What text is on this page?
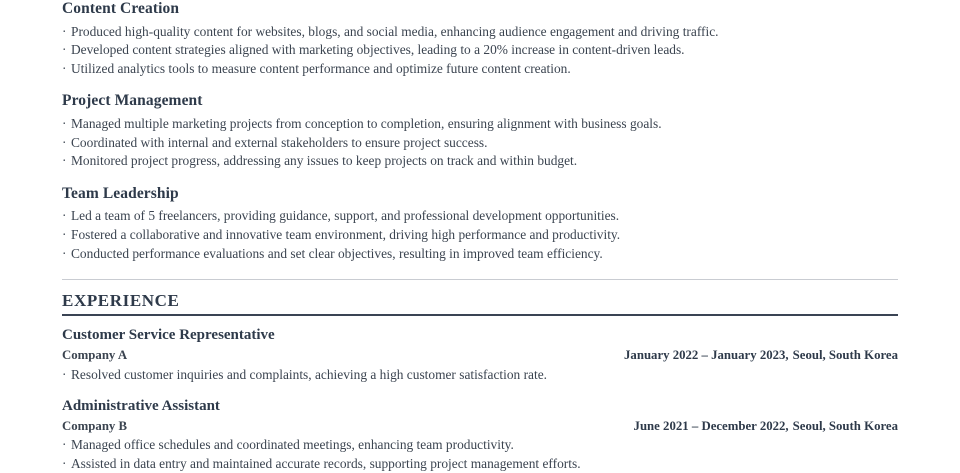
Content Creation

· Produced high-quality content for websites, blogs, and social media, enhancing audience engagement and driving traffic.

· Developed content strategies aligned with marketing objectives, leading to a 20% increase in content-driven leads.

· Utilized analytics tools to measure content performance and optimize future content creation.

Project Management

· Managed multiple marketing projects from conception to completion, ensuring alignment with business goals.

· Coordinated with internal and external stakeholders to ensure project success.

· Monitored project progress, addressing any issues to keep projects on track and within budget.

Team Leadership

· Led a team of 5 freelancers, providing guidance, support, and professional development opportunities.

· Fostered a collaborative and innovative team environment, driving high performance and productivity.

· Conducted performance evaluations and set clear objectives, resulting in improved team efficiency.

EXPERIENCE
Customer Service Representative
Company A	January 2022 – January 2023, Seoul, South Korea

· Resolved customer inquiries and complaints, achieving a high customer satisfaction rate.

Administrative Assistant
Company B	June 2021 – December 2022, Seoul, South Korea

· Managed office schedules and coordinated meetings, enhancing team productivity.

· Assisted in data entry and maintained accurate records, supporting project management efforts.
